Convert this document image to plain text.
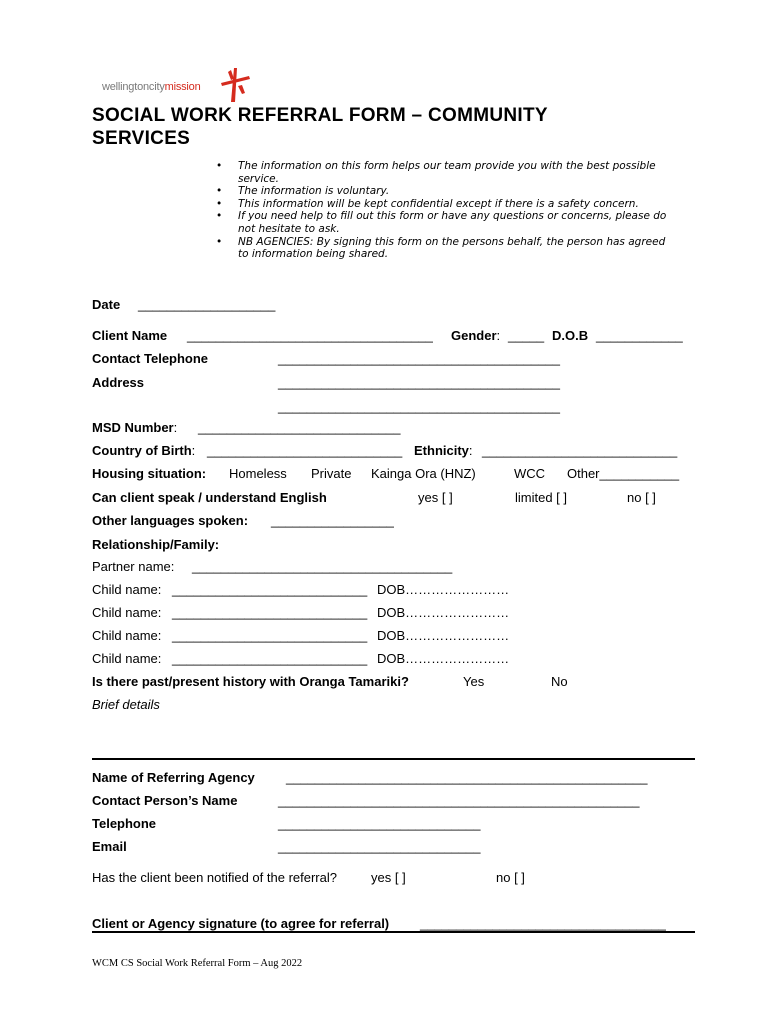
wellingtoncitymission
SOCIAL WORK REFERRAL FORM – COMMUNITY
SERVICES
• The information on this form helps our team provide you with the best possible
service.
• The information is voluntary.
• This information will be kept confidential except if there is a safety concern.
• If you need help to fill out this form or have any questions or concerns, please do
not hesitate to ask.
• NB AGENCIES: By signing this form on the persons behalf, the person has agreed
to information being shared.
Date ___________________
Client Name __________________________________ Gender: _____ D.O.B ____________
Contact Telephone	_______________________________________
Address	_______________________________________
_______________________________________
MSD Number: ____________________________
Country of Birth: ___________________________ Ethnicity: ___________________________
Housing situation: Homeless Private Kainga Ora (HNZ)	WCC Other___________
Can client speak / understand English	yes [ ]	limited [ ]	no [ ]
Other languages spoken: _________________
Relationship/Family:
Partner name: ____________________________________
Child name: ___________________________ DOB……………………
Child name: ___________________________ DOB……………………
Child name: ___________________________ DOB……………………
Child name: ___________________________ DOB……………………
Is there past/present history with Oranga Tamariki?	Yes	No
Brief details
Name of Referring Agency __________________________________________________
Contact Person’s Name	__________________________________________________
Telephone	____________________________
Email	____________________________
Has the client been notified of the referral?	yes [ ]	no [ ]
Client or Agency signature (to agree for referral) __________________________________
WCM CS Social Work Referral Form – Aug 2022
